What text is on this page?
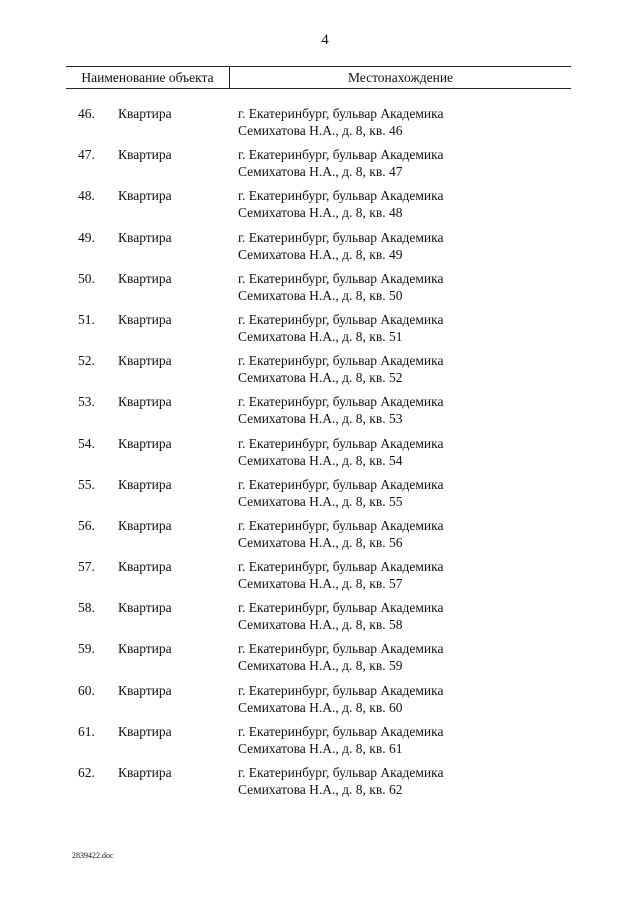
4
Наименование объекта	Местонахождение
46. Квартира	г. Екатеринбург, бульвар Академика
Семихатова Н.А., д. 8, кв. 46
47. Квартира	г. Екатеринбург, бульвар Академика
Семихатова Н.А., д. 8, кв. 47
48. Квартира	г. Екатеринбург, бульвар Академика
Семихатова Н.А., д. 8, кв. 48
49. Квартира	г. Екатеринбург, бульвар Академика
Семихатова Н.А., д. 8, кв. 49
50. Квартира	г. Екатеринбург, бульвар Академика
Семихатова Н.А., д. 8, кв. 50
51. Квартира	г. Екатеринбург, бульвар Академика
Семихатова Н.А., д. 8, кв. 51
52. Квартира	г. Екатеринбург, бульвар Академика
Семихатова Н.А., д. 8, кв. 52
53. Квартира	г. Екатеринбург, бульвар Академика
Семихатова Н.А., д. 8, кв. 53
54. Квартира	г. Екатеринбург, бульвар Академика
Семихатова Н.А., д. 8, кв. 54
55. Квартира	г. Екатеринбург, бульвар Академика
Семихатова Н.А., д. 8, кв. 55
56. Квартира	г. Екатеринбург, бульвар Академика
Семихатова Н.А., д. 8, кв. 56
57. Квартира	г. Екатеринбург, бульвар Академика
Семихатова Н.А., д. 8, кв. 57
58. Квартира	г. Екатеринбург, бульвар Академика
Семихатова Н.А., д. 8, кв. 58
59. Квартира	г. Екатеринбург, бульвар Академика
Семихатова Н.А., д. 8, кв. 59
60. Квартира	г. Екатеринбург, бульвар Академика
Семихатова Н.А., д. 8, кв. 60
61. Квартира	г. Екатеринбург, бульвар Академика
Семихатова Н.А., д. 8, кв. 61
62. Квартира	г. Екатеринбург, бульвар Академика
Семихатова Н.А., д. 8, кв. 62
2839422.doc
